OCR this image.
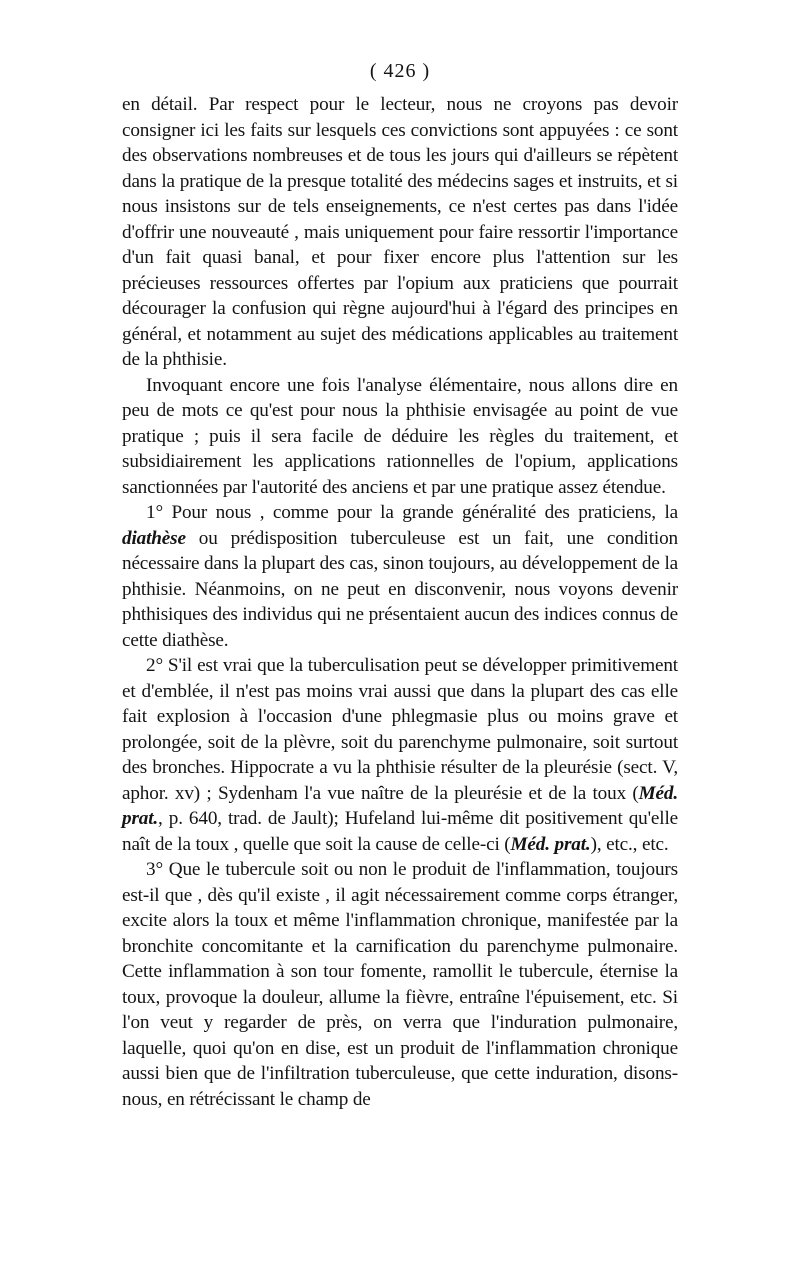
( 426 )

en détail. Par respect pour le lecteur, nous ne croyons pas devoir consigner ici les faits sur lesquels ces convictions sont appuyées : ce sont des observations nombreuses et de tous les jours qui d'ailleurs se répètent dans la pratique de la presque totalité des médecins sages et instruits, et si nous insistons sur de tels enseignements, ce n'est certes pas dans l'idée d'offrir une nouveauté , mais uniquement pour faire ressortir l'importance d'un fait quasi banal, et pour fixer encore plus l'attention sur les précieuses ressources offertes par l'opium aux praticiens que pourrait décourager la confusion qui règne aujourd'hui à l'égard des principes en général, et notamment au sujet des médications applicables au traitement de la phthisie.

Invoquant encore une fois l'analyse élémentaire, nous allons dire en peu de mots ce qu'est pour nous la phthisie envisagée au point de vue pratique ; puis il sera facile de déduire les règles du traitement, et subsidiairement les applications rationnelles de l'opium, applications sanctionnées par l'autorité des anciens et par une pratique assez étendue.

1° Pour nous , comme pour la grande généralité des praticiens, la diathèse ou prédisposition tuberculeuse est un fait, une condition nécessaire dans la plupart des cas, sinon toujours, au développement de la phthisie. Néanmoins, on ne peut en disconvenir, nous voyons devenir phthisiques des individus qui ne présentaient aucun des indices connus de cette diathèse.

2° S'il est vrai que la tuberculisation peut se développer primitivement et d'emblée, il n'est pas moins vrai aussi que dans la plupart des cas elle fait explosion à l'occasion d'une phlegmasie plus ou moins grave et prolongée, soit de la plèvre, soit du parenchyme pulmonaire, soit surtout des bronches. Hippocrate a vu la phthisie résulter de la pleurésie (sect. V, aphor. xv) ; Sydenham l'a vue naître de la pleurésie et de la toux (Méd. prat., p. 640, trad. de Jault); Hufeland lui-même dit positivement qu'elle naît de la toux , quelle que soit la cause de celle-ci (Méd. prat.), etc., etc.

3° Que le tubercule soit ou non le produit de l'inflammation, toujours est-il que , dès qu'il existe , il agit nécessairement comme corps étranger, excite alors la toux et même l'inflammation chronique, manifestée par la bronchite concomitante et la carnification du parenchyme pulmonaire. Cette inflammation à son tour fomente, ramollit le tubercule, éternise la toux, provoque la douleur, allume la fièvre, entraîne l'épuisement, etc. Si l'on veut y regarder de près, on verra que l'induration pulmonaire, laquelle, quoi qu'on en dise, est un produit de l'inflammation chronique aussi bien que de l'infiltration tuberculeuse, que cette induration, disons-nous, en rétrécissant le champ de
